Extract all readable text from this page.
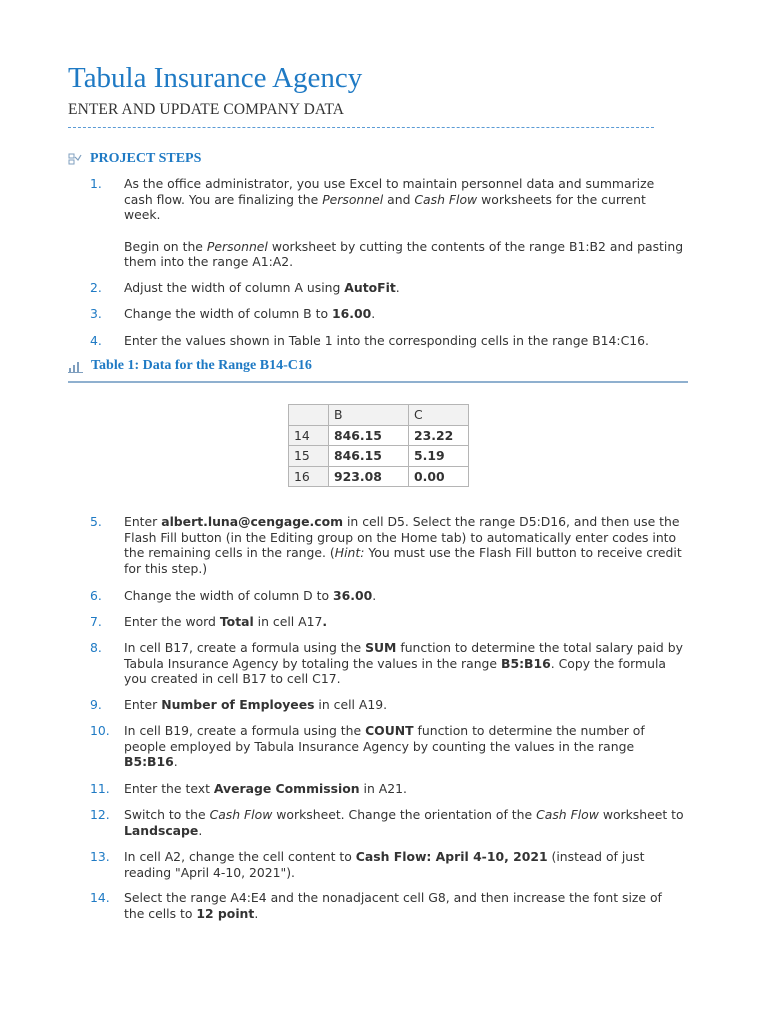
Tabula Insurance Agency
ENTER AND UPDATE COMPANY DATA
PROJECT STEPS
1. As the office administrator, you use Excel to maintain personnel data and summarize cash flow. You are finalizing the Personnel and Cash Flow worksheets for the current week.

Begin on the Personnel worksheet by cutting the contents of the range B1:B2 and pasting them into the range A1:A2.

2. Adjust the width of column A using AutoFit.

3. Change the width of column B to 16.00.

4. Enter the values shown in Table 1 into the corresponding cells in the range B14:C16.

Table 1: Data for the Range B14-C16
	B	C
14	846.15	23.22
15	846.15	5.19
16	923.08	0.00
5. Enter albert.luna@cengage.com in cell D5. Select the range D5:D16, and then use the Flash Fill button (in the Editing group on the Home tab) to automatically enter codes into the remaining cells in the range. (Hint: You must use the Flash Fill button to receive credit for this step.)

6. Change the width of column D to 36.00.

7. Enter the word Total in cell A17.

8. In cell B17, create a formula using the SUM function to determine the total salary paid by Tabula Insurance Agency by totaling the values in the range B5:B16. Copy the formula you created in cell B17 to cell C17.

9. Enter Number of Employees in cell A19.

10. In cell B19, create a formula using the COUNT function to determine the number of people employed by Tabula Insurance Agency by counting the values in the range B5:B16.

11. Enter the text Average Commission in A21.

12. Switch to the Cash Flow worksheet. Change the orientation of the Cash Flow worksheet to Landscape.

13. In cell A2, change the cell content to Cash Flow: April 4-10, 2021 (instead of just reading "April 4-10, 2021").

14. Select the range A4:E4 and the nonadjacent cell G8, and then increase the font size of the cells to 12 point.
